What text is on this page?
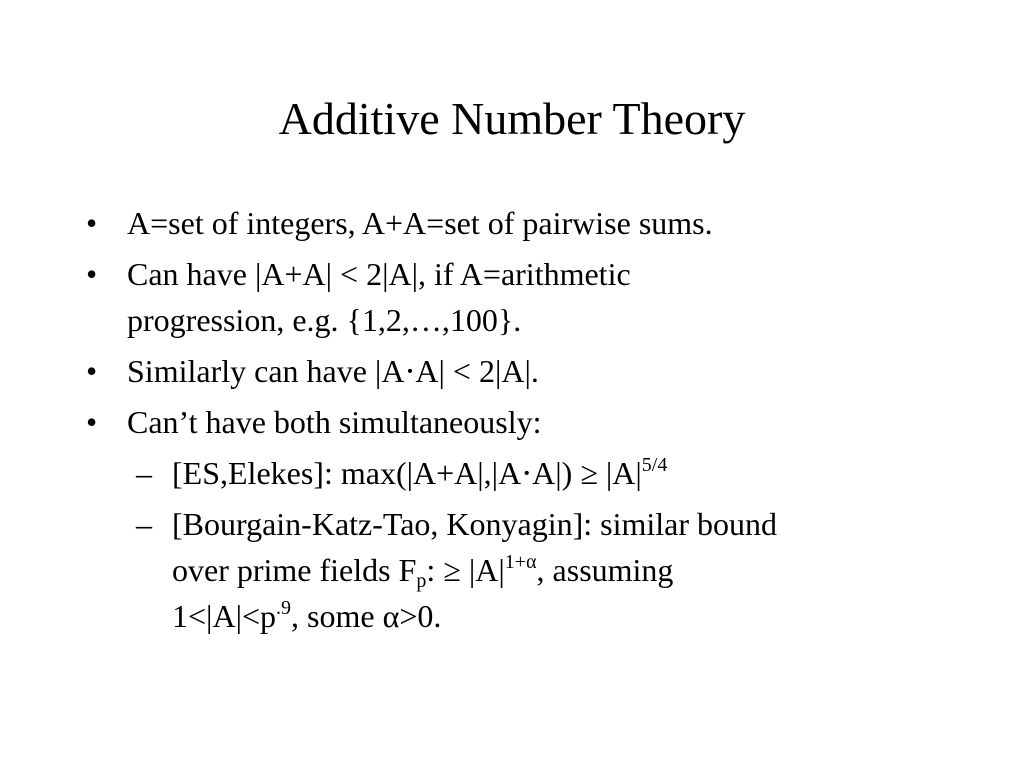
Additive Number Theory
• A=set of integers, A+A=set of pairwise sums.
• Can have |A+A| < 2|A|, if A=arithmetic
progression, e.g. {1,2,…,100}.
• Similarly can have |A⋅A| < 2|A|.
• Can’t have both simultaneously:
– [ES,Elekes]: $\max(|A+A|,|A\cdot A|) \ge |A|^{5/4}$
– [Bourgain-Katz-Tao, Konyagin]: similar bound
over prime fields $F_p$: ≥ $|A|^{1+\alpha}$, assuming
$1<|A|<p^{.9}$, some α>0.
